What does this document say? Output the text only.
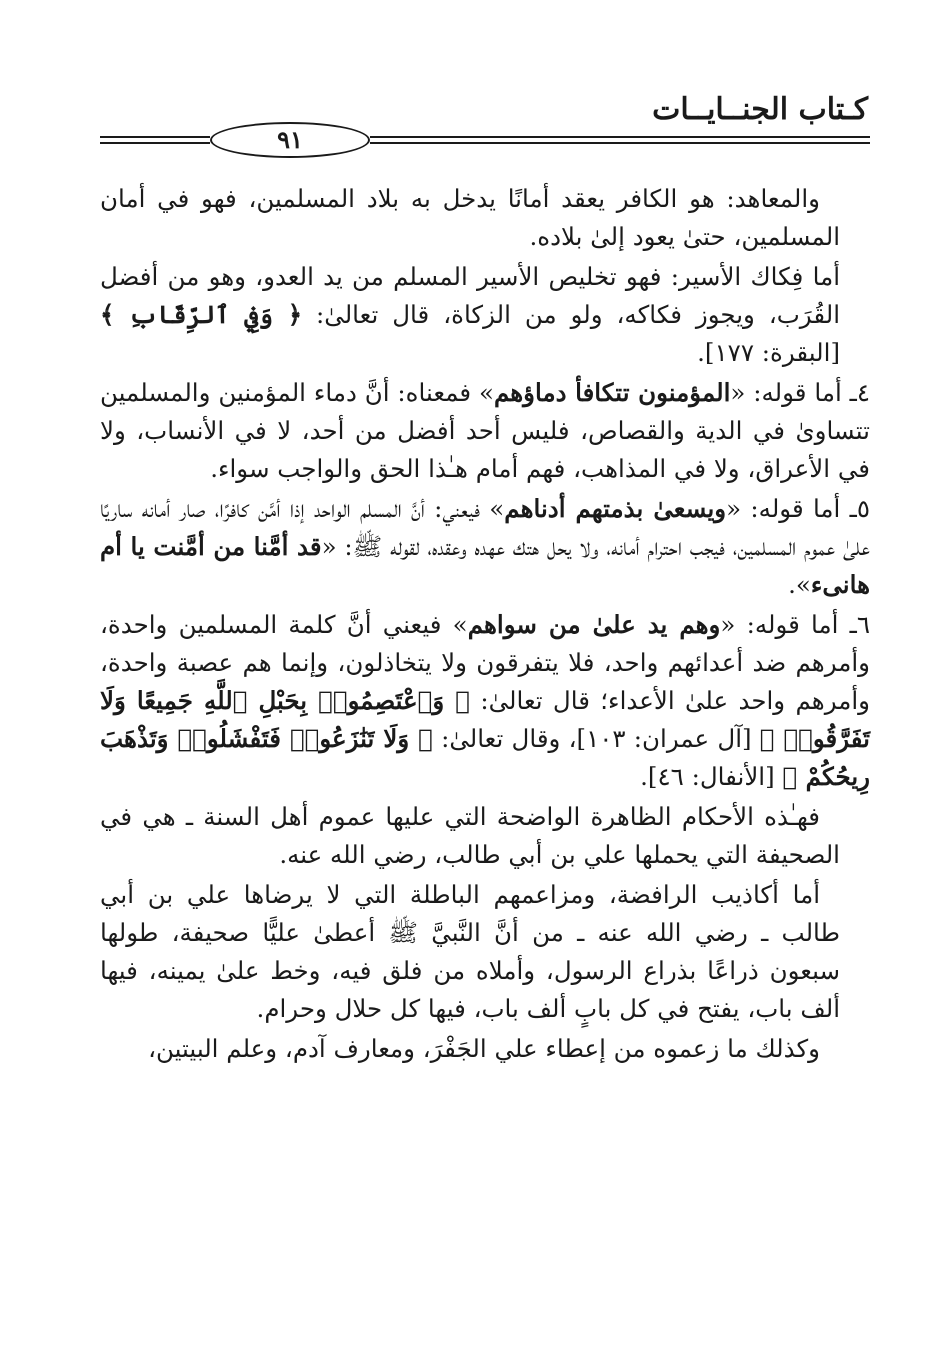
كـتاب الجنــايــات
٩١

والمعاهد: هو الكافر يعقد أمانًا يدخل به بلاد المسلمين، فهو في أمان المسلمين، حتىٰ يعود إلىٰ بلاده.

أما فِكاك الأسير: فهو تخليص الأسير المسلم من يد العدو، وهو من أفضل القُرَب، ويجوز فكاكه، ولو من الزكاة، قال تعالىٰ: ﴿ وَفِي ٱلرِّقَابِ ﴾ [البقرة: ١٧٧].

٤ـ أما قوله: «المؤمنون تتكافأ دماؤهم» فمعناه: أنَّ دماء المؤمنين والمسلمين تتساوىٰ في الدية والقصاص، فليس أحد أفضل من أحد، لا في الأنساب، ولا في الأعراق، ولا في المذاهب، فهم أمام هـٰذا الحق والواجب سواء.

٥ـ أما قوله: «ويسعىٰ بذمتهم أدناهم» فيعني: أنَّ المسلم الواحد إذا أمَّن كافرًا، صار أمانه ساريًا علىٰ عموم المسلمين، فيجب احترام أمانه، ولا يحل هتك عهده وعقده، لقوله ﷺ: «قد أمَّنا من أمَّنت يا أم هانىء».

٦ـ أما قوله: «وهم يد علىٰ من سواهم» فيعني أنَّ كلمة المسلمين واحدة، وأمرهم ضد أعدائهم واحد، فلا يتفرقون ولا يتخاذلون، وإنما هم عصبة واحدة، وأمرهم واحد علىٰ الأعداء؛ قال تعالىٰ: ﴿ وَٱعْتَصِمُوا۟ بِحَبْلِ ٱللَّهِ جَمِيعًا وَلَا تَفَرَّقُوا۟ ﴾ [آل عمران: ١٠٣]، وقال تعالىٰ: ﴿ وَلَا تَنَٰزَعُوا۟ فَتَفْشَلُوا۟ وَتَذْهَبَ رِيحُكُمْ ﴾ [الأنفال: ٤٦].

فهـٰذه الأحكام الظاهرة الواضحة التي عليها عموم أهل السنة ـ هي في الصحيفة التي يحملها علي بن أبي طالب، رضي الله عنه.

أما أكاذيب الرافضة، ومزاعمهم الباطلة التي لا يرضاها علي بن أبي طالب ـ رضي الله عنه ـ من أنَّ النَّبيَّ ﷺ أعطىٰ عليًّا صحيفة، طولها سبعون ذراعًا بذراع الرسول، وأملاه من فلق فيه، وخط علىٰ يمينه، فيها ألف باب، يفتح في كل بابٍ ألف باب، فيها كل حلال وحرام.

وكذلك ما زعموه من إعطاء علي الجَفْرَ، ومعارف آدم، وعلم البيتين،
